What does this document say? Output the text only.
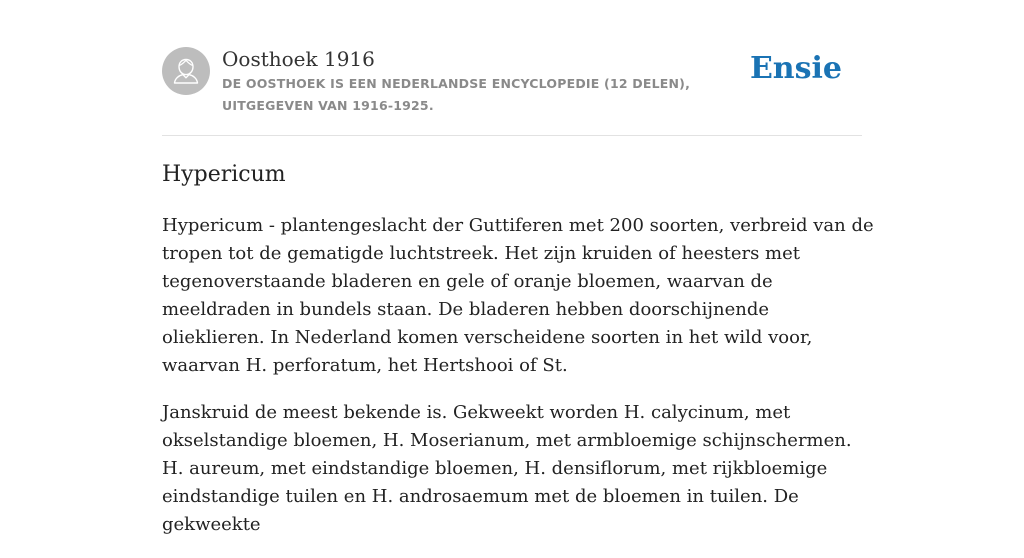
Oosthoek 1916
DE OOSTHOEK IS EEN NEDERLANDSE ENCYCLOPEDIE (12 DELEN), UITGEGEVEN VAN 1916-1925.
Ensie
Hypericum

Hypericum - plantengeslacht der Guttiferen met 200 soorten, verbreid van de tropen tot de gematigde luchtstreek. Het zijn kruiden of heesters met tegenoverstaande bladeren en gele of oranje bloemen, waarvan de meeldraden in bundels staan. De bladeren hebben doorschijnende olieklieren. In Nederland komen verscheidene soorten in het wild voor, waarvan H. perforatum, het Hertshooi of St.

Janskruid de meest bekende is. Gekweekt worden H. calycinum, met okselstandige bloemen, H. Moserianum, met armbloemige schijnschermen. H. aureum, met eindstandige bloemen, H. densiflorum, met rijkbloemige eindstandige tuilen en H. androsaemum met de bloemen in tuilen. De gekweekte
